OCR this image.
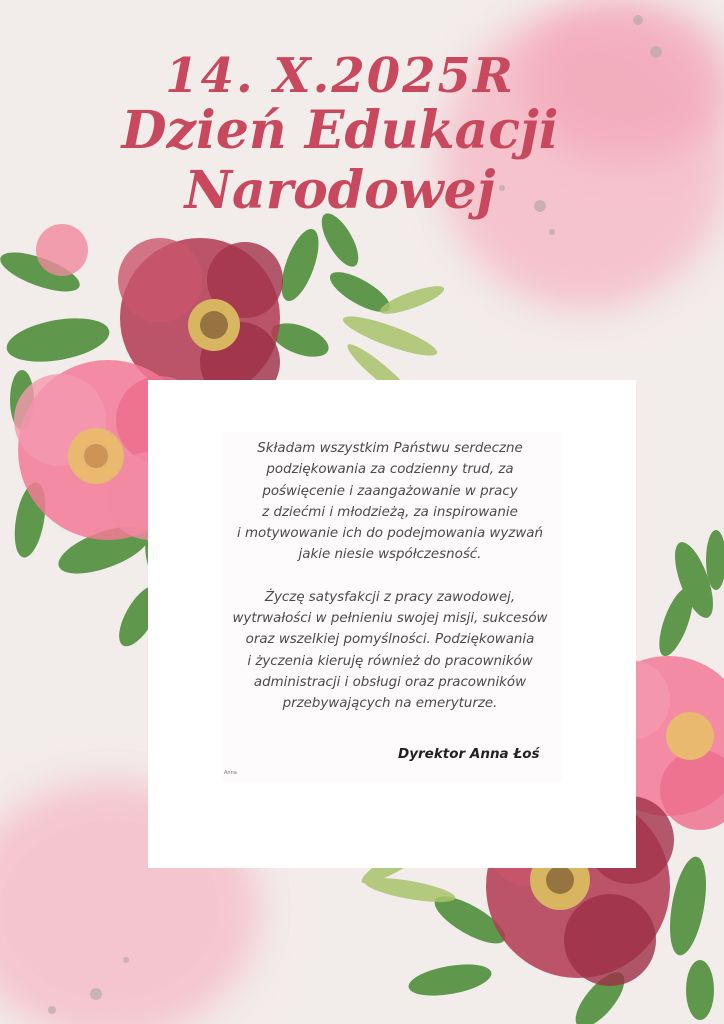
14. X.2025R
Dzień Edukacji
Narodowej

Składam wszystkim Państwu serdeczne

podziękowania za codzienny trud, za

poświęcenie i zaangażowanie w pracy

z dziećmi i młodzieżą, za inspirowanie

i motywowanie ich do podejmowania wyzwań

jakie niesie współczesność.

Życzę satysfakcji z pracy zawodowej,

wytrwałości w pełnieniu swojej misji, sukcesów

oraz wszelkiej pomyślności. Podziękowania

i życzenia kieruję również do pracowników

administracji i obsługi oraz pracowników

przebywających na emeryturze.

Dyrektor Anna Łoś
Anna
